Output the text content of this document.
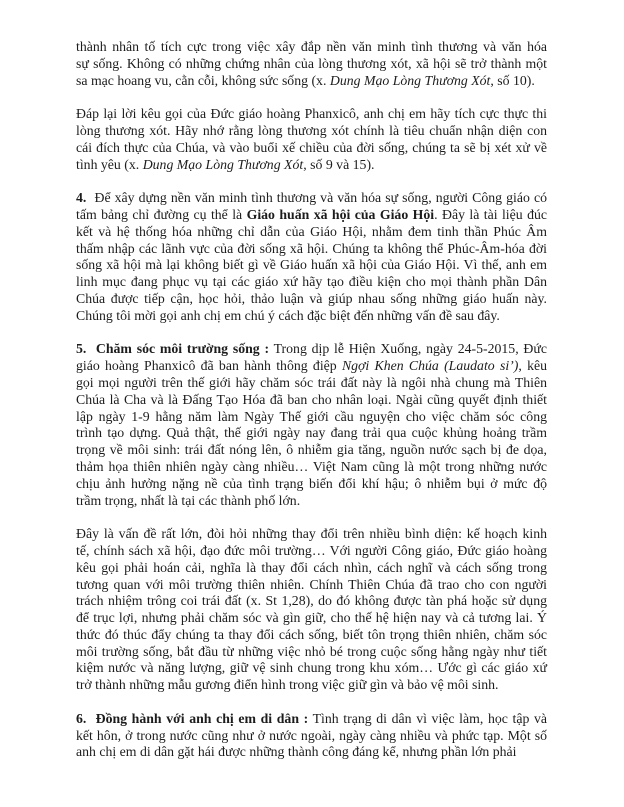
thành nhân tố tích cực trong việc xây đắp nền văn minh tình thương và văn hóa
sự sống. Không có những chứng nhân của lòng thương xót, xã hội sẽ trở thành một
sa mạc hoang vu, cằn cỗi, không sức sống (x. Dung Mạo Lòng Thương Xót, số 10).
Đáp lại lời kêu gọi của Đức giáo hoàng Phanxicô, anh chị em hãy tích cực thực thi
lòng thương xót. Hãy nhớ rằng lòng thương xót chính là tiêu chuẩn nhận diện con
cái đích thực của Chúa, và vào buổi xế chiều của đời sống, chúng ta sẽ bị xét xử về
tình yêu (x. Dung Mạo Lòng Thương Xót, số 9 và 15).
4.  Để xây dựng nền văn minh tình thương và văn hóa sự sống, người Công giáo có
tấm bảng chỉ đường cụ thể là Giáo huấn xã hội của Giáo Hội. Đây là tài liệu đúc
kết và hệ thống hóa những chỉ dẫn của Giáo Hội, nhằm đem tinh thần Phúc Âm
thấm nhập các lãnh vực của đời sống xã hội. Chúng ta không thể Phúc-Âm-hóa đời
sống xã hội mà lại không biết gì về Giáo huấn xã hội của Giáo Hội. Vì thế, anh em
linh mục đang phục vụ tại các giáo xứ hãy tạo điều kiện cho mọi thành phần Dân
Chúa được tiếp cận, học hỏi, thảo luận và giúp nhau sống những giáo huấn này.
Chúng tôi mời gọi anh chị em chú ý cách đặc biệt đến những vấn đề sau đây.
5.  Chăm sóc môi trường sống : Trong dịp lễ Hiện Xuống, ngày 24-5-2015, Đức
giáo hoàng Phanxicô đã ban hành thông điệp Ngợi Khen Chúa (Laudato si’), kêu
gọi mọi người trên thế giới hãy chăm sóc trái đất này là ngôi nhà chung mà Thiên
Chúa là Cha và là Đấng Tạo Hóa đã ban cho nhân loại. Ngài cũng quyết định thiết
lập ngày 1-9 hằng năm làm Ngày Thế giới cầu nguyện cho việc chăm sóc công
trình tạo dựng. Quả thật, thế giới ngày nay đang trải qua cuộc khủng hoảng trầm
trọng về môi sinh: trái đất nóng lên, ô nhiễm gia tăng, nguồn nước sạch bị đe dọa,
thảm họa thiên nhiên ngày càng nhiều… Việt Nam cũng là một trong những nước
chịu ảnh hưởng nặng nề của tình trạng biến đổi khí hậu; ô nhiễm bụi ở mức độ
trầm trọng, nhất là tại các thành phố lớn.
Đây là vấn đề rất lớn, đòi hỏi những thay đổi trên nhiều bình diện: kế hoạch kinh
tế, chính sách xã hội, đạo đức môi trường… Với người Công giáo, Đức giáo hoàng
kêu gọi phải hoán cải, nghĩa là thay đổi cách nhìn, cách nghĩ và cách sống trong
tương quan với môi trường thiên nhiên. Chính Thiên Chúa đã trao cho con người
trách nhiệm trông coi trái đất (x. St 1,28), do đó không được tàn phá hoặc sử dụng
để trục lợi, nhưng phải chăm sóc và gìn giữ, cho thế hệ hiện nay và cả tương lai. Ý
thức đó thúc đẩy chúng ta thay đổi cách sống, biết tôn trọng thiên nhiên, chăm sóc
môi trường sống, bắt đầu từ những việc nhỏ bé trong cuộc sống hằng ngày như tiết
kiệm nước và năng lượng, giữ vệ sinh chung trong khu xóm… Ước gì các giáo xứ
trở thành những mẫu gương điển hình trong việc giữ gìn và bảo vệ môi sinh.
6.  Đồng hành với anh chị em di dân : Tình trạng di dân vì việc làm, học tập và
kết hôn, ở trong nước cũng như ở nước ngoài, ngày càng nhiều và phức tạp. Một số
anh chị em di dân gặt hái được những thành công đáng kể, nhưng phần lớn phải
